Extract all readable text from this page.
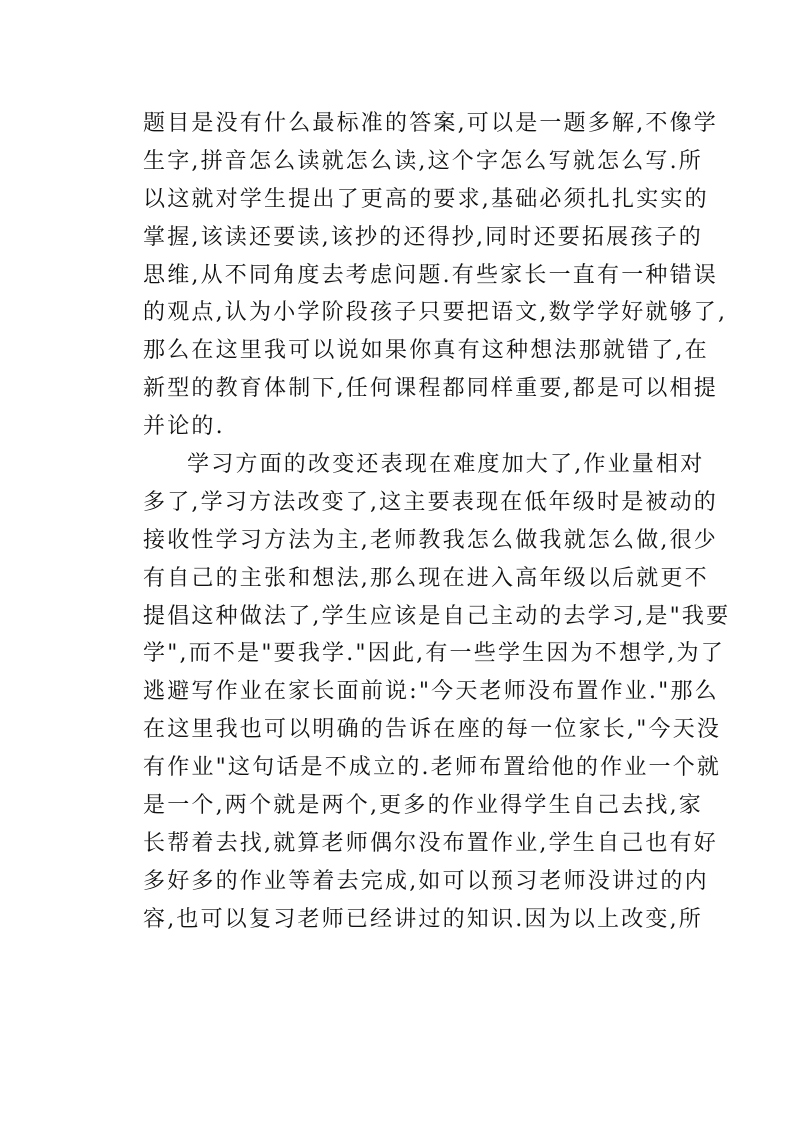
题目是没有什么最标准的答案,可以是一题多解,不像学
生字,拼音怎么读就怎么读,这个字怎么写就怎么写.所
以这就对学生提出了更高的要求,基础必须扎扎实实的
掌握,该读还要读,该抄的还得抄,同时还要拓展孩子的
思维,从不同角度去考虑问题.有些家长一直有一种错误
的观点,认为小学阶段孩子只要把语文,数学学好就够了,
那么在这里我可以说如果你真有这种想法那就错了,在
新型的教育体制下,任何课程都同样重要,都是可以相提
并论的.
学习方面的改变还表现在难度加大了,作业量相对
多了,学习方法改变了,这主要表现在低年级时是被动的
接收性学习方法为主,老师教我怎么做我就怎么做,很少
有自己的主张和想法,那么现在进入高年级以后就更不
提倡这种做法了,学生应该是自己主动的去学习,是"我要
学",而不是"要我学."因此,有一些学生因为不想学,为了
逃避写作业在家长面前说:"今天老师没布置作业."那么
在这里我也可以明确的告诉在座的每一位家长,"今天没
有作业"这句话是不成立的.老师布置给他的作业一个就
是一个,两个就是两个,更多的作业得学生自己去找,家
长帮着去找,就算老师偶尔没布置作业,学生自己也有好
多好多的作业等着去完成,如可以预习老师没讲过的内
容,也可以复习老师已经讲过的知识.因为以上改变,所
